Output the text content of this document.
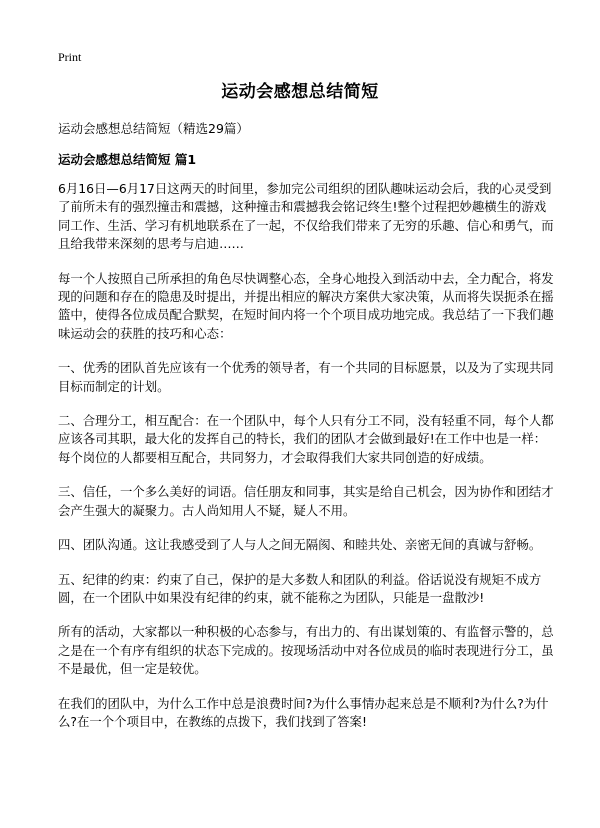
Print
运动会感想总结简短
运动会感想总结简短（精选29篇）
运动会感想总结简短 篇1

6月16日—6月17日这两天的时间里，参加完公司组织的团队趣味运动会后，我的心灵受到了前所未有的强烈撞击和震撼，这种撞击和震撼我会铭记终生!整个过程把妙趣横生的游戏同工作、生活、学习有机地联系在了一起，不仅给我们带来了无穷的乐趣、信心和勇气，而且给我带来深刻的思考与启迪……

每一个人按照自己所承担的角色尽快调整心态，全身心地投入到活动中去，全力配合，将发现的问题和存在的隐患及时提出，并提出相应的解决方案供大家决策，从而将失误扼杀在摇篮中，使得各位成员配合默契，在短时间内将一个个项目成功地完成。我总结了一下我们趣味运动会的获胜的技巧和心态：

一、优秀的团队首先应该有一个优秀的领导者，有一个共同的目标愿景，以及为了实现共同目标而制定的计划。

二、合理分工，相互配合：在一个团队中，每个人只有分工不同，没有轻重不同，每个人都应该各司其职，最大化的发挥自己的特长，我们的团队才会做到最好!在工作中也是一样：每个岗位的人都要相互配合，共同努力，才会取得我们大家共同创造的好成绩。

三、信任，一个多么美好的词语。信任朋友和同事，其实是给自己机会，因为协作和团结才会产生强大的凝聚力。古人尚知用人不疑，疑人不用。

四、团队沟通。这让我感受到了人与人之间无隔阂、和睦共处、亲密无间的真诚与舒畅。

五、纪律的约束：约束了自己，保护的是大多数人和团队的利益。俗话说没有规矩不成方圆，在一个团队中如果没有纪律的约束，就不能称之为团队，只能是一盘散沙!

所有的活动，大家都以一种积极的心态参与，有出力的、有出谋划策的、有监督示警的，总之是在一个有序有组织的状态下完成的。按现场活动中对各位成员的临时表现进行分工，虽不是最优，但一定是较优。

在我们的团队中，为什么工作中总是浪费时间?为什么事情办起来总是不顺利?为什么?为什么?在一个个项目中，在教练的点拨下，我们找到了答案!
